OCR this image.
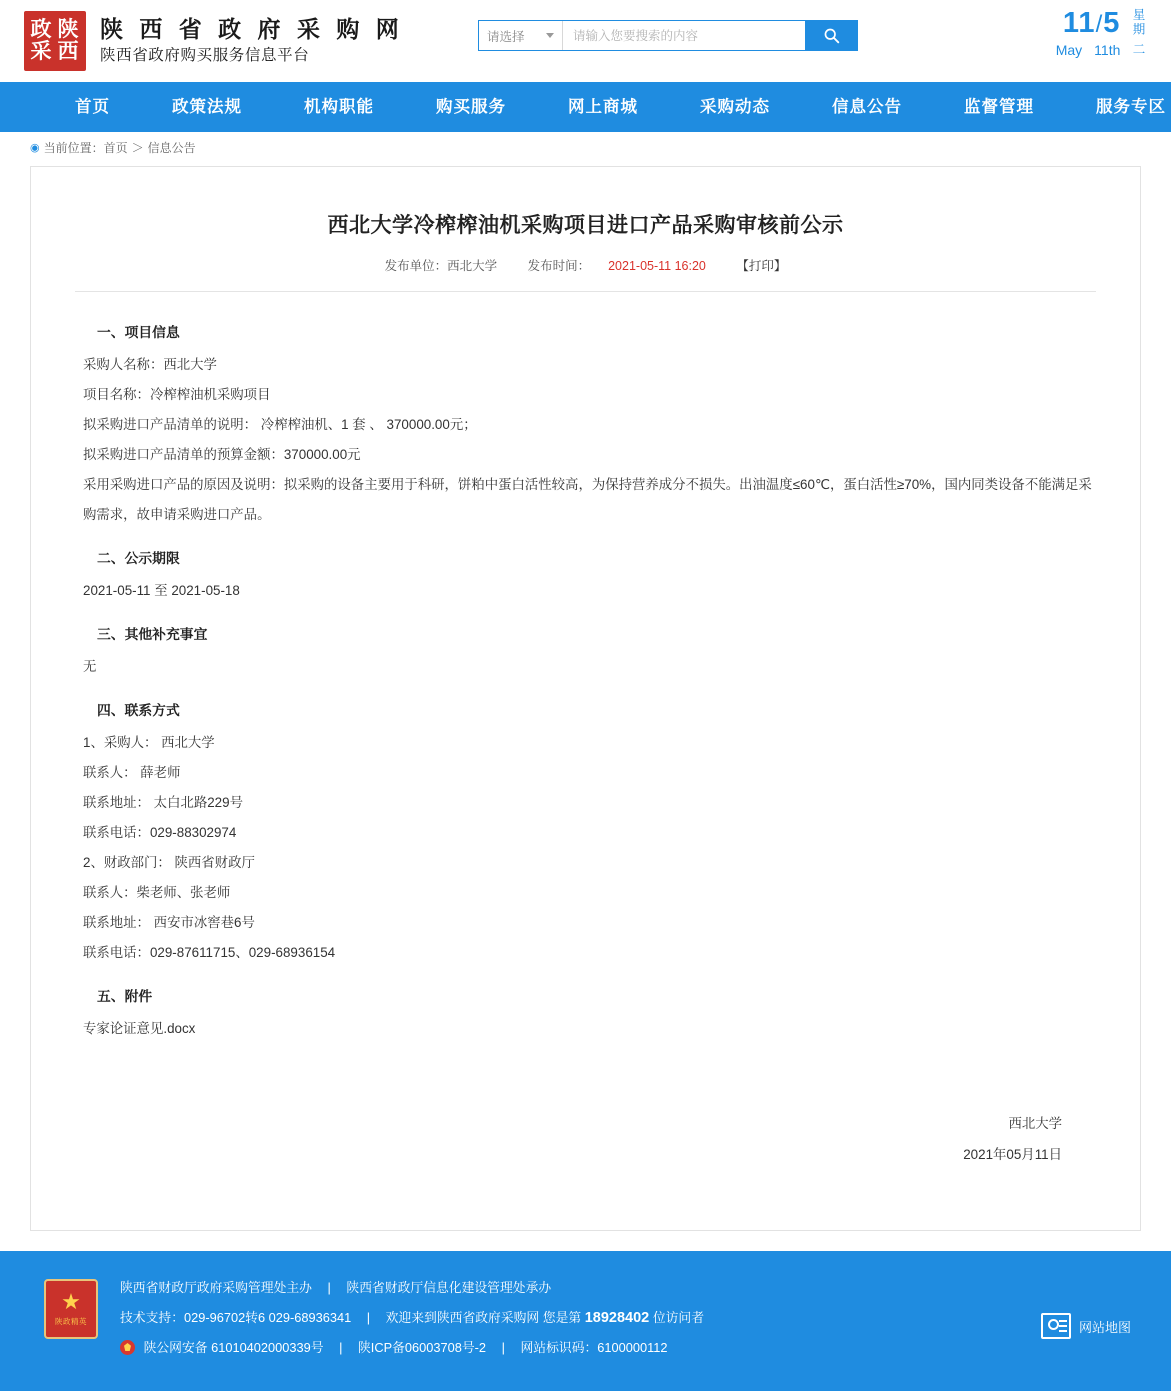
政 陕
采 西
陕 西 省 政 府 采 购 网
陕西省政府购买服务信息平台
请选择
请输入您要搜索的内容	11/5
May 11th
星期 二
首页	政策法规	机构职能	购买服务	网上商城	采购动态	信息公告	监督管理	服务专区
◉ 当前位置： 首页 ＞ 信息公告
西北大学冷榨榨油机采购项目进口产品采购审核前公示
发布单位：西北大学 发布时间： 2021-05-11 16:20 【打印】
一、项目信息

采购人名称：西北大学

项目名称：冷榨榨油机采购项目

拟采购进口产品清单的说明： 冷榨榨油机、1 套 、 370000.00元；

拟采购进口产品清单的预算金额：370000.00元

采用采购进口产品的原因及说明：拟采购的设备主要用于科研，饼粕中蛋白活性较高，为保持营养成分不损失。出油温度≤60℃，蛋白活性≥70%，国内同类设备不能满足采购需求，故申请采购进口产品。

二、公示期限

2021-05-11 至 2021-05-18

三、其他补充事宜

无

四、联系方式

1、采购人： 西北大学

联系人： 薛老师

联系地址： 太白北路229号

联系电话：029-88302974

2、财政部门： 陕西省财政厅

联系人：柴老师、张老师

联系地址： 西安市冰窖巷6号

联系电话：029-87611715、029-68936154

五、附件

专家论证意见.docx

西北大学
2021年05月11日
★
陕政精英
陕西省财政厅政府采购管理处主办 | 陕西省财政厅信息化建设管理处承办
技术支持：029-96702转6 029-68936341 | 欢迎来到陕西省政府采购网 您是第 18928402 位访问者
陕公网安备 61010402000339号 | 陕ICP备06003708号-2 | 网站标识码：6100000112
网站地图
